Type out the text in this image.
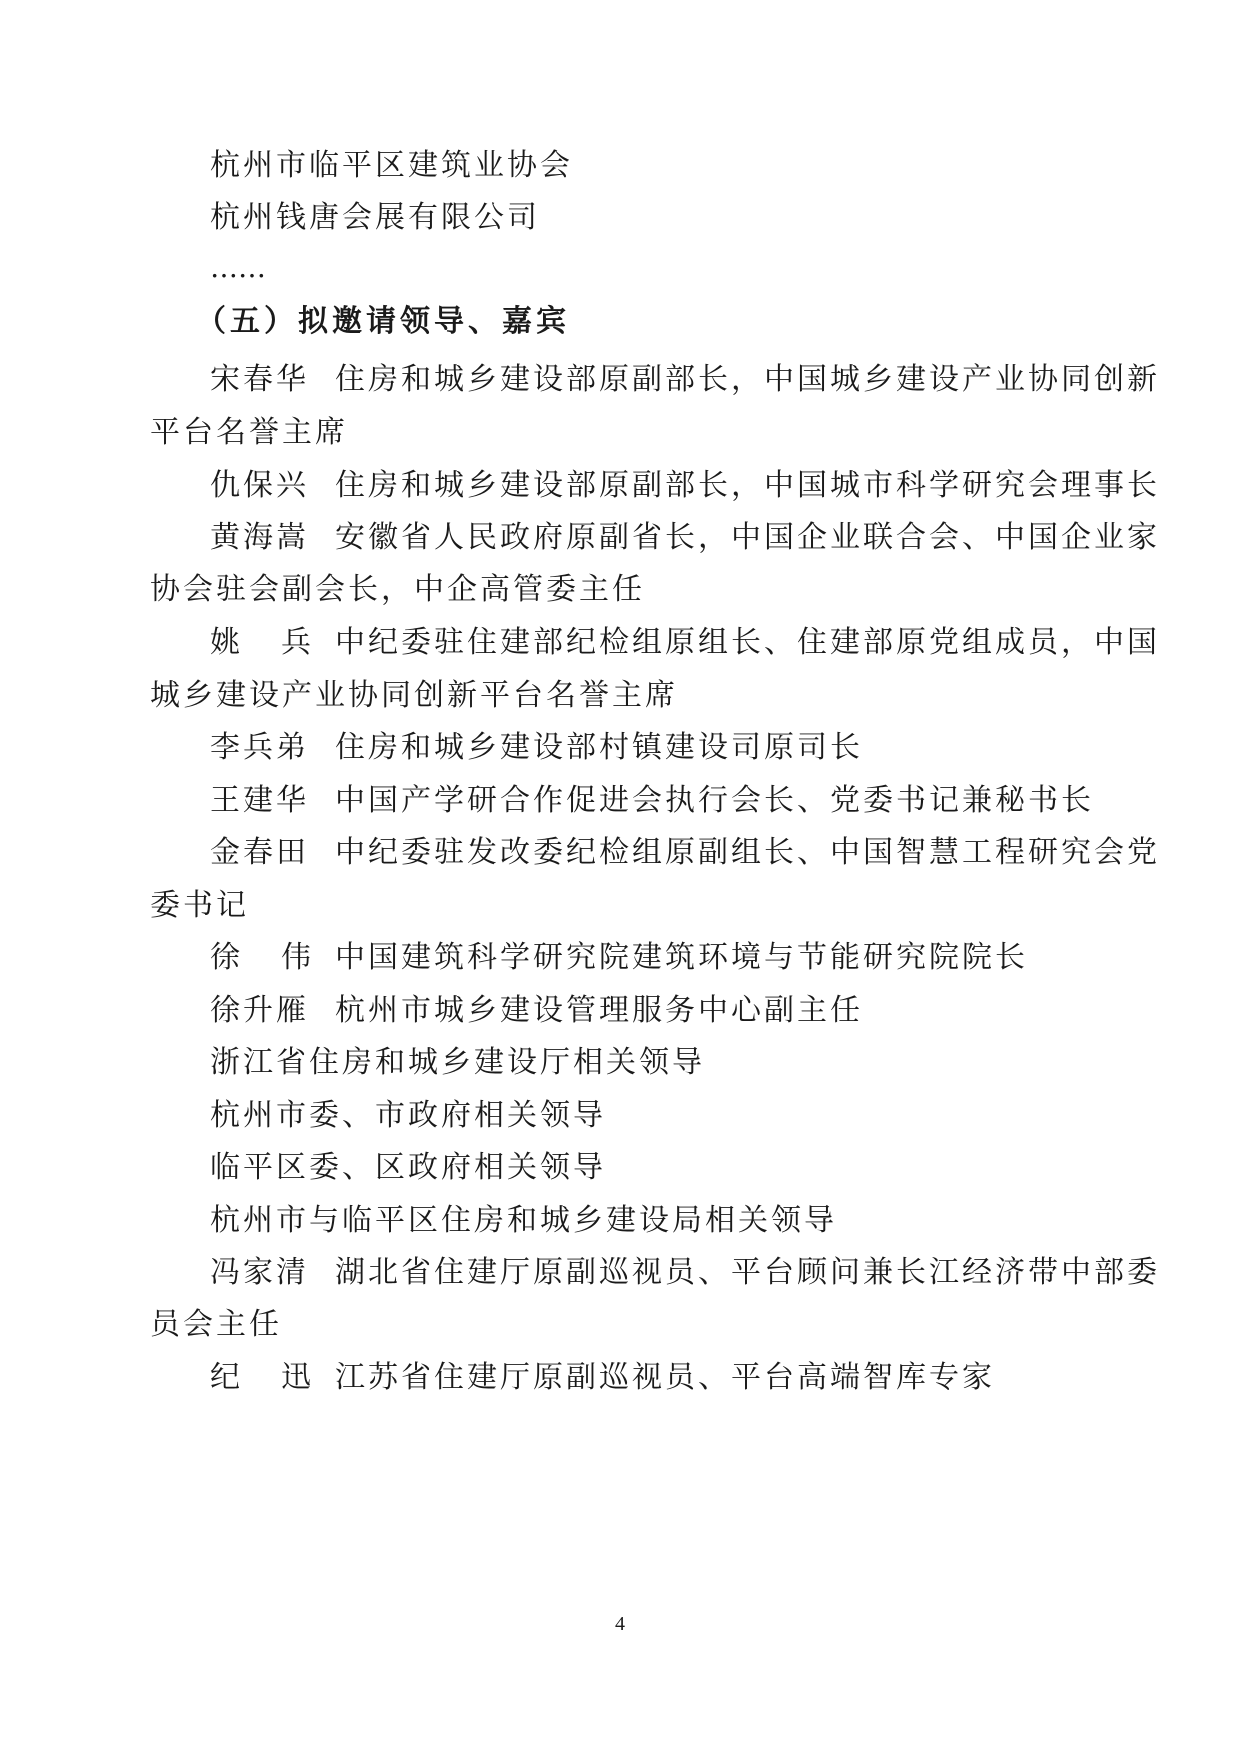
杭州市临平区建筑业协会
杭州钱唐会展有限公司
……
（五）拟邀请领导、嘉宾
宋春华 住房和城乡建设部原副部长，中国城乡建设产业协同创新
平台名誉主席
仇保兴 住房和城乡建设部原副部长，中国城市科学研究会理事长
黄海嵩 安徽省人民政府原副省长，中国企业联合会、中国企业家
协会驻会副会长，中企高管委主任
姚兵中纪委驻住建部纪检组原组长、住建部原党组成员，中国
城乡建设产业协同创新平台名誉主席
李兵弟 住房和城乡建设部村镇建设司原司长
王建华 中国产学研合作促进会执行会长、党委书记兼秘书长
金春田 中纪委驻发改委纪检组原副组长、中国智慧工程研究会党
委书记
徐伟中国建筑科学研究院建筑环境与节能研究院院长
徐升雁 杭州市城乡建设管理服务中心副主任
浙江省住房和城乡建设厅相关领导
杭州市委、市政府相关领导
临平区委、区政府相关领导
杭州市与临平区住房和城乡建设局相关领导
冯家清 湖北省住建厅原副巡视员、平台顾问兼长江经济带中部委
员会主任
纪迅江苏省住建厅原副巡视员、平台高端智库专家
4
